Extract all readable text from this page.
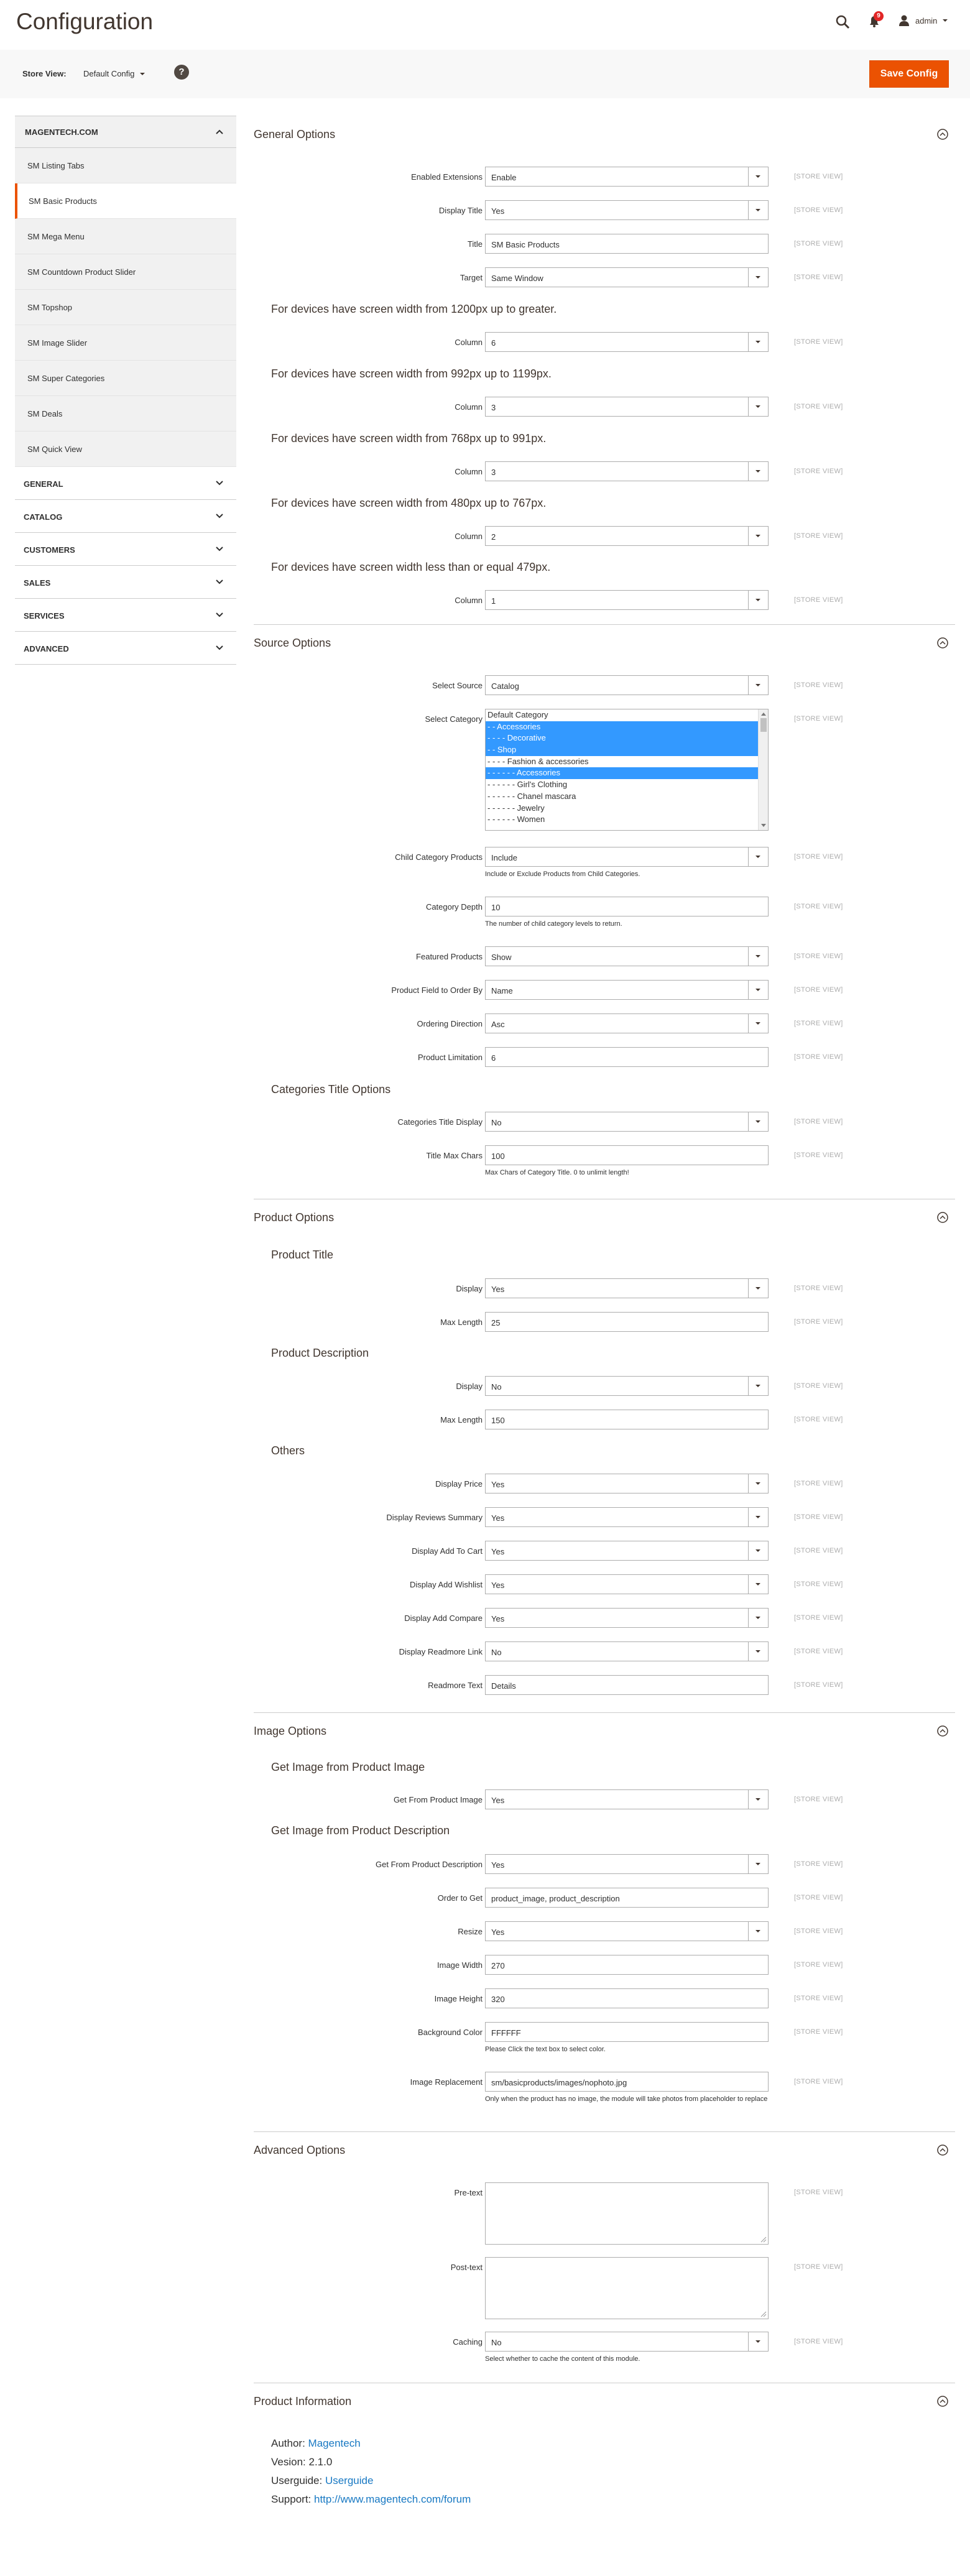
Configuration	9	admin
Store View: Default Config	?	Save Config
MAGENTECH.COM
SM Listing Tabs
SM Basic Products
SM Mega Menu
SM Countdown Product Slider
SM Topshop
SM Image Slider
SM Super Categories
SM Deals
SM Quick View
GENERAL
CATALOG
CUSTOMERS
SALES
SERVICES
ADVANCED
General Options
Enabled Extensions Enable	[STORE VIEW]
Display Title Yes	[STORE VIEW]
Title SM Basic Products	[STORE VIEW]
Target Same Window	[STORE VIEW]
For devices have screen width from 1200px up to greater.
Column 6	[STORE VIEW]
For devices have screen width from 992px up to 1199px.
Column 3	[STORE VIEW]
For devices have screen width from 768px up to 991px.
Column 3	[STORE VIEW]
For devices have screen width from 480px up to 767px.
Column 2	[STORE VIEW]
For devices have screen width less than or equal 479px.
Column 1	[STORE VIEW]
Source Options
Select Source Catalog	[STORE VIEW]
Select Category	[STORE VIEW]
Default Category
- - Accessories
- - - - Decorative
- - Shop
- - - - Fashion & accessories
- - - - - - Accessories
- - - - - - Girl's Clothing
- - - - - - Chanel mascara
- - - - - - Jewelry
- - - - - - Women
Child Category Products Include	[STORE VIEW]
Include or Exclude Products from Child Categories.
Category Depth 10	[STORE VIEW]
The number of child category levels to return.
Featured Products Show	[STORE VIEW]
Product Field to Order By Name	[STORE VIEW]
Ordering Direction Asc	[STORE VIEW]
Product Limitation 6	[STORE VIEW]
Categories Title Options
Categories Title Display No	[STORE VIEW]
Title Max Chars 100	[STORE VIEW]
Max Chars of Category Title. 0 to unlimit length!
Product Options
Product Title
Display Yes	[STORE VIEW]
Max Length 25	[STORE VIEW]
Product Description
Display No	[STORE VIEW]
Max Length 150	[STORE VIEW]
Others
Display Price Yes	[STORE VIEW]
Display Reviews Summary Yes	[STORE VIEW]
Display Add To Cart Yes	[STORE VIEW]
Display Add Wishlist Yes	[STORE VIEW]
Display Add Compare Yes	[STORE VIEW]
Display Readmore Link No	[STORE VIEW]
Readmore Text Details	[STORE VIEW]
Image Options
Get Image from Product Image
Get From Product Image Yes	[STORE VIEW]
Get Image from Product Description
Get From Product Description Yes	[STORE VIEW]
Order to Get product_image, product_description	[STORE VIEW]
Resize Yes	[STORE VIEW]
Image Width 270	[STORE VIEW]
Image Height 320	[STORE VIEW]
Background Color FFFFFF	[STORE VIEW]
Please Click the text box to select color.
Image Replacement sm/basicproducts/images/nophoto.jpg	[STORE VIEW]
Only when the product has no image, the module will take photos from placeholder to replace
Advanced Options
Pre-text	[STORE VIEW]
Post-text	[STORE VIEW]
Caching No	[STORE VIEW]
Select whether to cache the content of this module.
Product Information
Author: Magentech
Vesion: 2.1.0
Userguide: Userguide
Support: http://www.magentech.com/forum
